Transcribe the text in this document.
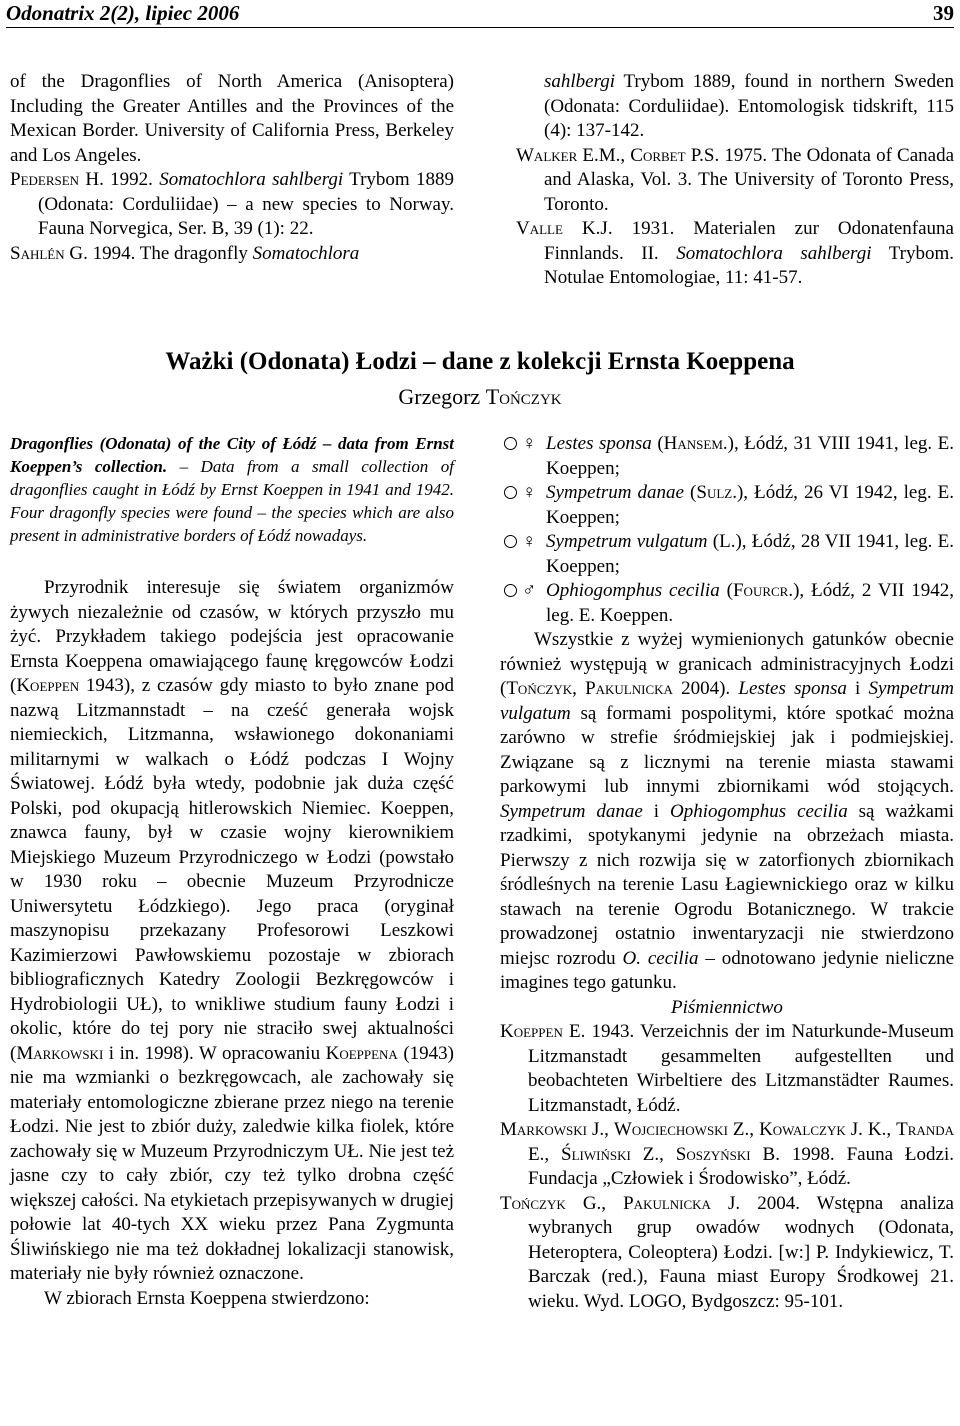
Odonatrix 2(2), lipiec 2006	39

of the Dragonflies of North America (Anisoptera) Including the Greater Antilles and the Provinces of the Mexican Border. University of California Press, Berkeley and Los Angeles.

Pedersen H. 1992. Somatochlora sahlbergi Trybom 1889 (Odonata: Corduliidae) – a new species to Norway. Fauna Norvegica, Ser. B, 39 (1): 22.

Sahlén G. 1994. The dragonfly Somatochlora

sahlbergi Trybom 1889, found in northern Sweden (Odonata: Corduliidae). Entomologisk tidskrift, 115 (4): 137-142.

Walker E.M., Corbet P.S. 1975. The Odonata of Canada and Alaska, Vol. 3. The University of Toronto Press, Toronto.

Valle K.J. 1931. Materialen zur Odonatenfauna Finnlands. II. Somatochlora sahlbergi Trybom. Notulae Entomologiae, 11: 41-57.

Ważki (Odonata) Łodzi – dane z kolekcji Ernsta Koeppena
Grzegorz Tończyk

Dragonflies (Odonata) of the City of Łódź – data from Ernst Koeppen’s collection. – Data from a small collection of dragonflies caught in Łódź by Ernst Koeppen in 1941 and 1942. Four dragonfly species were found – the species which are also present in administrative borders of Łódź nowadays.

Przyrodnik interesuje się światem organizmów żywych niezależnie od czasów, w których przyszło mu żyć. Przykładem takiego podejścia jest opracowanie Ernsta Koeppena omawiającego faunę kręgowców Łodzi (Koeppen 1943), z czasów gdy miasto to było znane pod nazwą Litzmannstadt – na cześć generała wojsk niemieckich, Litzmanna, wsławionego dokonaniami militarnymi w walkach o Łódź podczas I Wojny Światowej. Łódź była wtedy, podobnie jak duża część Polski, pod okupacją hitlerowskich Niemiec. Koeppen, znawca fauny, był w czasie wojny kierownikiem Miejskiego Muzeum Przyrodniczego w Łodzi (powstało w 1930 roku – obecnie Muzeum Przyrodnicze Uniwersytetu Łódzkiego). Jego praca (oryginał maszynopisu przekazany Profesorowi Leszkowi Kazimierzowi Pawłowskiemu pozostaje w zbiorach bibliograficznych Katedry Zoologii Bezkręgowców i Hydrobiologii UŁ), to wnikliwe studium fauny Łodzi i okolic, które do tej pory nie straciło swej aktualności (Markowski i in. 1998). W opracowaniu Koeppena (1943) nie ma wzmianki o bezkręgowcach, ale zachowały się materiały entomologiczne zbierane przez niego na terenie Łodzi. Nie jest to zbiór duży, zaledwie kilka fiolek, które zachowały się w Muzeum Przyrodniczym UŁ. Nie jest też jasne czy to cały zbiór, czy też tylko drobna część większej całości. Na etykietach przepisywanych w drugiej połowie lat 40-tych XX wieku przez Pana Zygmunta Śliwińskiego nie ma też dokładnej lokalizacji stanowisk, materiały nie były również oznaczone.

W zbiorach Ernsta Koeppena stwierdzono:

♀ Lestes sponsa (Hansem.), Łódź, 31 VIII 1941, leg. E. Koeppen;

♀ Sympetrum danae (Sulz.), Łódź, 26 VI 1942, leg. E. Koeppen;

♀ Sympetrum vulgatum (L.), Łódź, 28 VII 1941, leg. E. Koeppen;

♂ Ophiogomphus cecilia (Fourcr.), Łódź, 2 VII 1942, leg. E. Koeppen.

Wszystkie z wyżej wymienionych gatunków obecnie również występują w granicach administracyjnych Łodzi (Tończyk, Pakulnicka 2004). Lestes sponsa i Sympetrum vulgatum są formami pospolitymi, które spotkać można zarówno w strefie śródmiejskiej jak i podmiejskiej. Związane są z licznymi na terenie miasta stawami parkowymi lub innymi zbiornikami wód stojących. Sympetrum danae i Ophiogomphus cecilia są ważkami rzadkimi, spotykanymi jedynie na obrzeżach miasta. Pierwszy z nich rozwija się w zatorfionych zbiornikach śródleśnych na terenie Lasu Łagiewnickiego oraz w kilku stawach na terenie Ogrodu Botanicznego. W trakcie prowadzonej ostatnio inwentaryzacji nie stwierdzono miejsc rozrodu O. cecilia – odnotowano jedynie nieliczne imagines tego gatunku.

Piśmiennictwo

Koeppen E. 1943. Verzeichnis der im Naturkunde-Museum Litzmanstadt gesammelten aufgestellten und beobachteten Wirbeltiere des Litzmanstädter Raumes. Litzmanstadt, Łódź.

Markowski J., Wojciechowski Z., Kowalczyk J. K., Tranda E., Śliwiński Z., Soszyński B. 1998. Fauna Łodzi. Fundacja „Człowiek i Środowisko”, Łódź.

Tończyk G., Pakulnicka J. 2004. Wstępna analiza wybranych grup owadów wodnych (Odonata, Heteroptera, Coleoptera) Łodzi. [w:] P. Indykiewicz, T. Barczak (red.), Fauna miast Europy Środkowej 21. wieku. Wyd. LOGO, Bydgoszcz: 95-101.
